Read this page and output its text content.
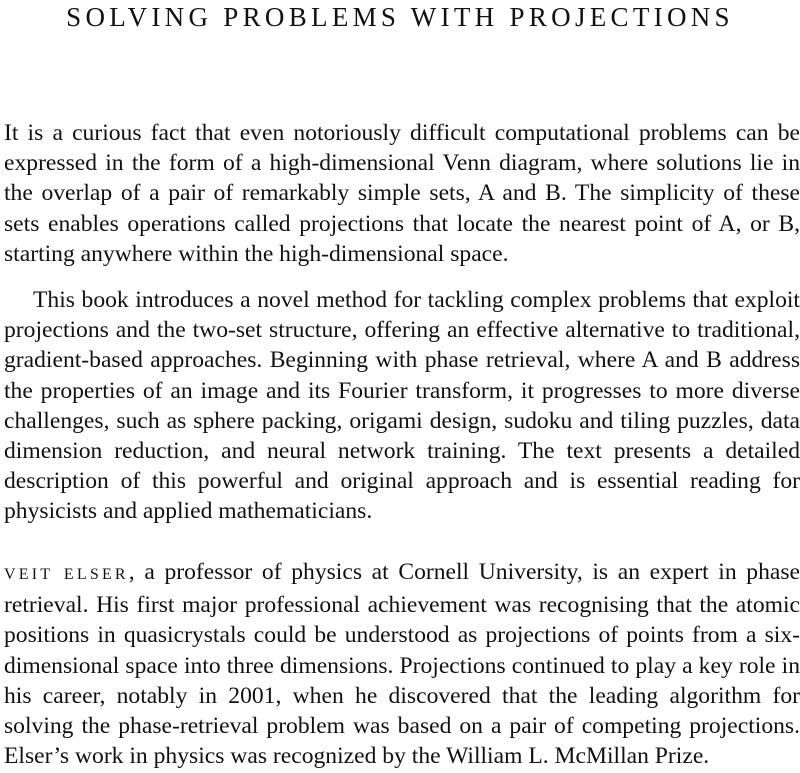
SOLVING PROBLEMS WITH PROJECTIONS

It is a curious fact that even notoriously difficult computational problems can be expressed in the form of a high-dimensional Venn diagram, where solutions lie in the overlap of a pair of remarkably simple sets, A and B. The simplicity of these sets enables operations called projections that locate the nearest point of A, or B, starting anywhere within the high-dimensional space.

This book introduces a novel method for tackling complex problems that exploit projections and the two-set structure, offering an effective alternative to traditional, gradient-based approaches. Beginning with phase retrieval, where A and B address the properties of an image and its Fourier transform, it progresses to more diverse challenges, such as sphere packing, origami design, sudoku and tiling puzzles, data dimension reduction, and neural network training. The text presents a detailed description of this powerful and original approach and is essential reading for physicists and applied mathematicians.

VEIT ELSER, a professor of physics at Cornell University, is an expert in phase retrieval. His first major professional achievement was recognising that the atomic positions in quasicrystals could be understood as projections of points from a six-dimensional space into three dimensions. Projections continued to play a key role in his career, notably in 2001, when he discovered that the leading algorithm for solving the phase-retrieval problem was based on a pair of competing projections. Elser’s work in physics was recognized by the William L. McMillan Prize.
